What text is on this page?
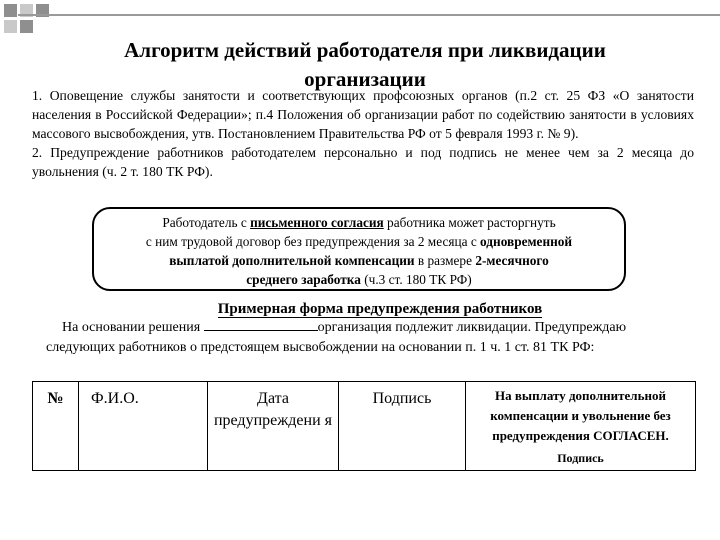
Алгоритм действий работодателя при ликвидации
организации

1. Оповещение службы занятости и соответствующих профсоюзных органов (п.2 ст. 25 ФЗ «О занятости населения в Российской Федерации»; п.4 Положения об организации работ по содействию занятости в условиях массового высвобождения, утв. Постановлением Правительства РФ от 5 февраля 1993 г. № 9).

2. Предупреждение работников работодателем персонально и под подпись не менее чем за 2 месяца до увольнения (ч. 2 т. 180 ТК РФ).

Работодатель с письменного согласия работника может расторгнуть
с ним трудовой договор без предупреждения за 2 месяца с одновременной
выплатой дополнительной компенсации в размере 2-месячного
среднего заработка (ч.3 ст. 180 ТК РФ)
Примерная форма предупреждения работников
На основании решения	организация подлежит ликвидации. Предупреждаю
следующих работников о предстоящем высвобождении на основании п. 1 ч. 1 ст. 81 ТК РФ:
№	Ф.И.О.	Дата предупреждени я	Подпись	На выплату дополнительной компенсации и увольнение без предупреждения СОГЛАСЕН.
Подпись
